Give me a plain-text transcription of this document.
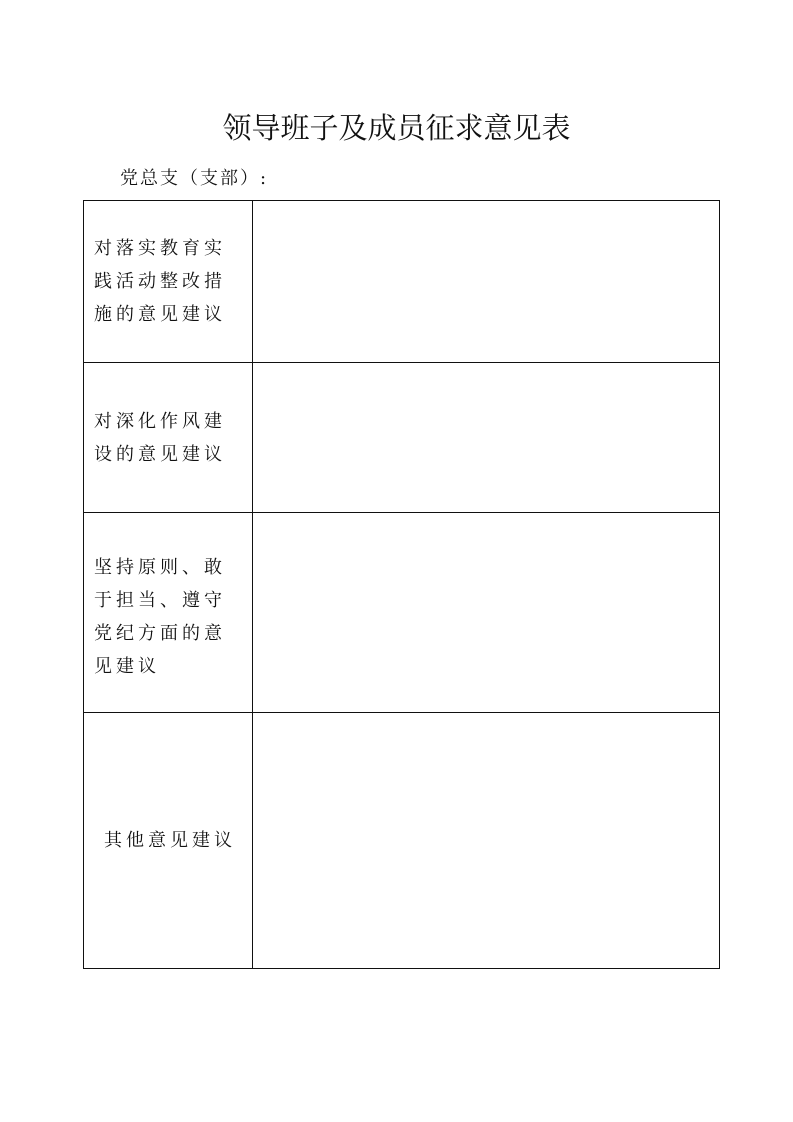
领导班子及成员征求意见表
党总支（支部）:
对落实教育实践活动整改措施的意见建议	

对深化作风建设的意见建议	

坚持原则、敢于担当、遵守党纪方面的意见建议	

其他意见建议	
